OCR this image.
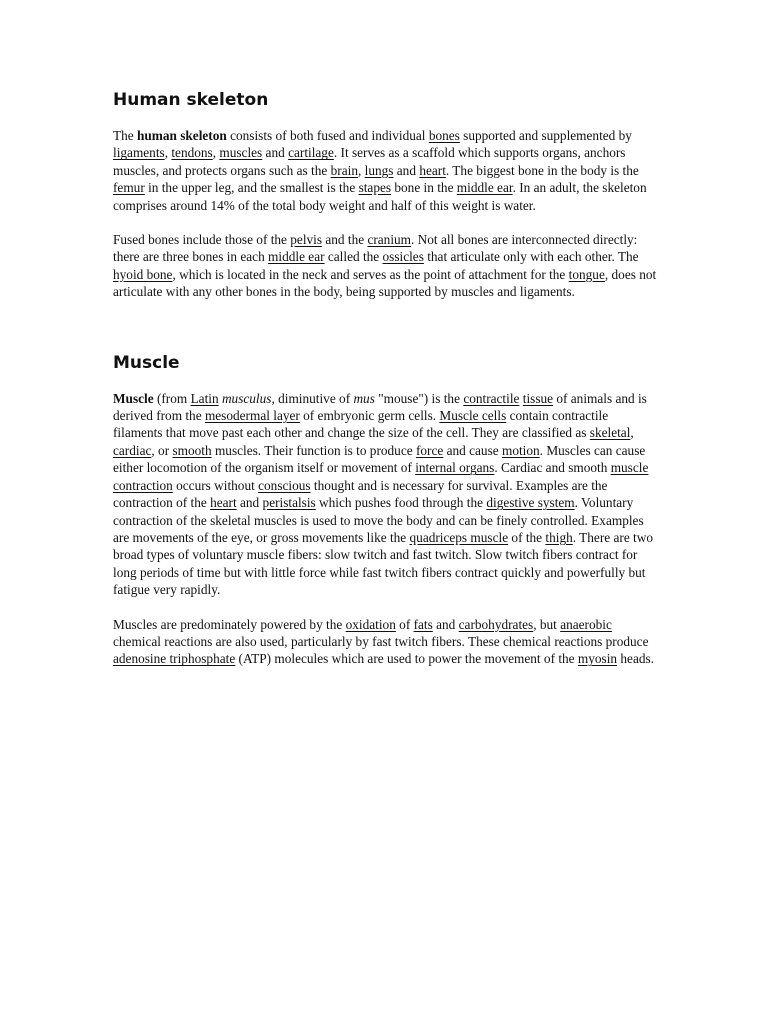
Human skeleton

The human skeleton consists of both fused and individual bones supported and supplemented by ligaments, tendons, muscles and cartilage. It serves as a scaffold which supports organs, anchors muscles, and protects organs such as the brain, lungs and heart. The biggest bone in the body is the femur in the upper leg, and the smallest is the stapes bone in the middle ear. In an adult, the skeleton comprises around 14% of the total body weight and half of this weight is water.

Fused bones include those of the pelvis and the cranium. Not all bones are interconnected directly: there are three bones in each middle ear called the ossicles that articulate only with each other. The hyoid bone, which is located in the neck and serves as the point of attachment for the tongue, does not articulate with any other bones in the body, being supported by muscles and ligaments.

Muscle

Muscle (from Latin musculus, diminutive of mus "mouse") is the contractile tissue of animals and is derived from the mesodermal layer of embryonic germ cells. Muscle cells contain contractile filaments that move past each other and change the size of the cell. They are classified as skeletal, cardiac, or smooth muscles. Their function is to produce force and cause motion. Muscles can cause either locomotion of the organism itself or movement of internal organs. Cardiac and smooth muscle contraction occurs without conscious thought and is necessary for survival. Examples are the contraction of the heart and peristalsis which pushes food through the digestive system. Voluntary contraction of the skeletal muscles is used to move the body and can be finely controlled. Examples are movements of the eye, or gross movements like the quadriceps muscle of the thigh. There are two broad types of voluntary muscle fibers: slow twitch and fast twitch. Slow twitch fibers contract for long periods of time but with little force while fast twitch fibers contract quickly and powerfully but fatigue very rapidly.

Muscles are predominately powered by the oxidation of fats and carbohydrates, but anaerobic chemical reactions are also used, particularly by fast twitch fibers. These chemical reactions produce adenosine triphosphate (ATP) molecules which are used to power the movement of the myosin heads.
